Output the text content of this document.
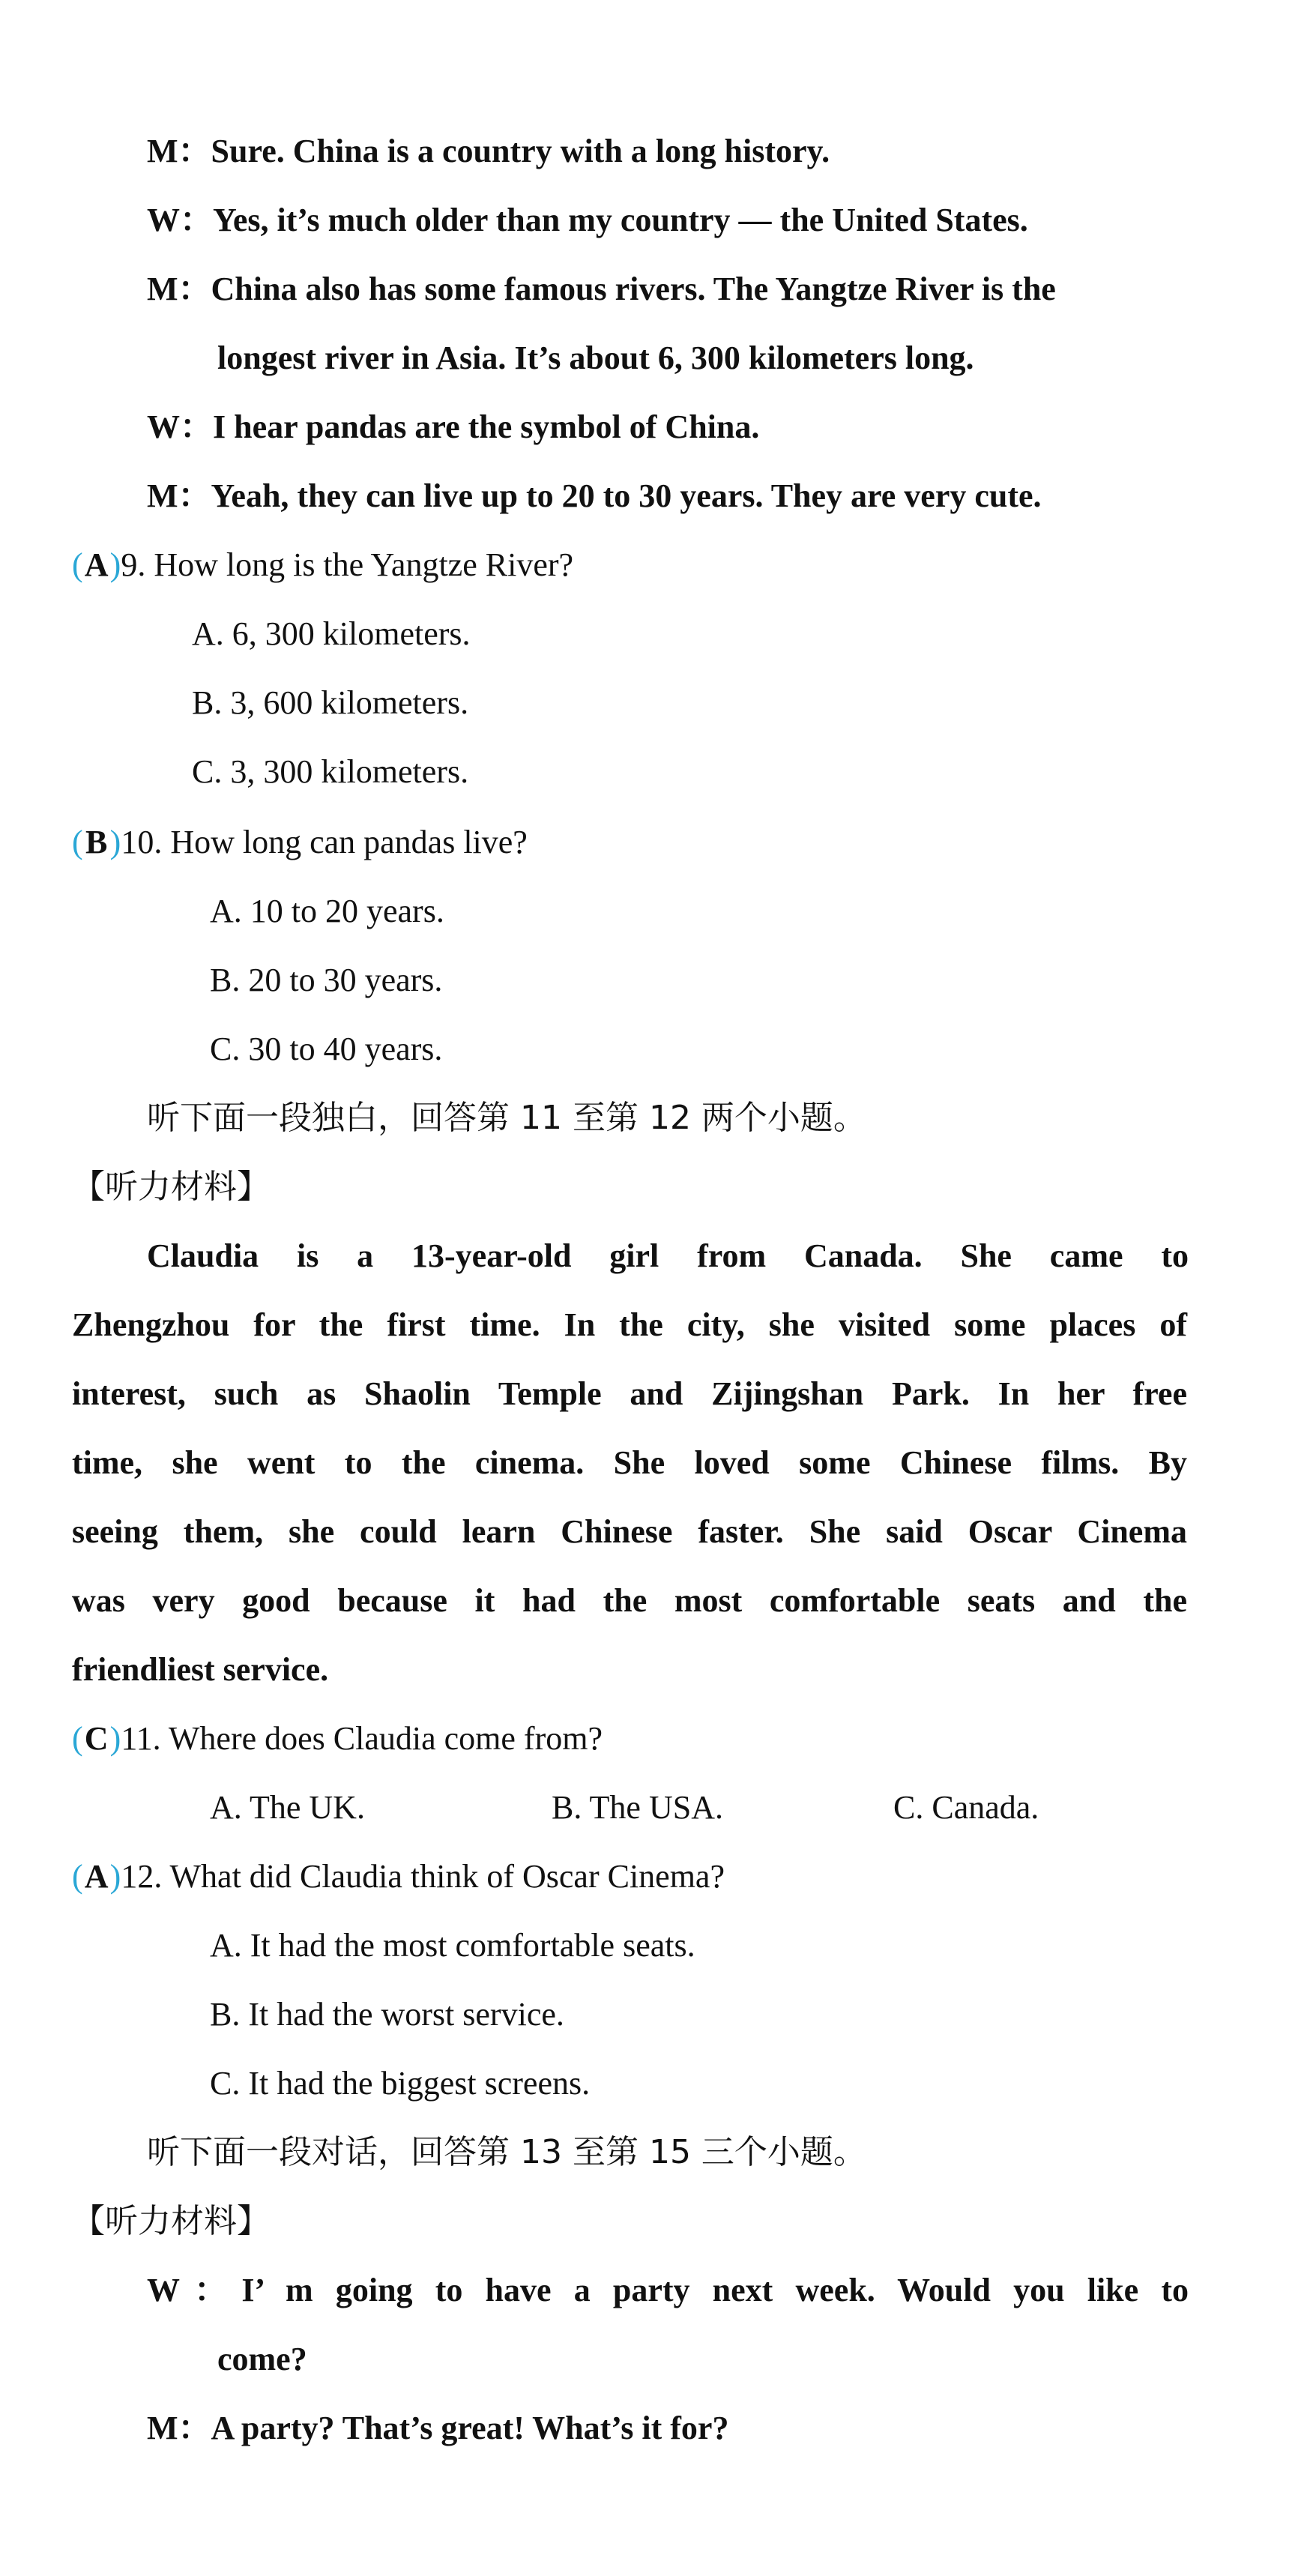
M：Sure. China is a country with a long history.
W：Yes, it’s much older than my country — the United States.
M：China also has some famous rivers. The Yangtze River is the
longest river in Asia. It’s about 6, 300 kilometers long.
W：I hear pandas are the symbol of China.
M：Yeah, they can live up to 20 to 30 years. They are very cute.
(A)9. How long is the Yangtze River?
A. 6, 300 kilometers.
B. 3, 600 kilometers.
C. 3, 300 kilometers.
(B)10. How long can pandas live?
A. 10 to 20 years.
B. 20 to 30 years.
C. 30 to 40 years.
听下面一段独白，回答第 11 至第 12 两个小题。
【听力材料】
Claudia is a 13-year-old girl from Canada. She came to
Zhengzhou for the first time. In the city, she visited some places of
interest, such as Shaolin Temple and Zijingshan Park. In her free
time, she went to the cinema. She loved some Chinese films. By
seeing them, she could learn Chinese faster. She said Oscar Cinema
was very good because it had the most comfortable seats and the
friendliest service.
(C)11. Where does Claudia come from?
A. The UK.	B. The USA.	C. Canada.
(A)12. What did Claudia think of Oscar Cinema?
A. It had the most comfortable seats.
B. It had the worst service.
C. It had the biggest screens.
听下面一段对话，回答第 13 至第 15 三个小题。
【听力材料】
W：I’ m going to have a party next week. Would you like to
come?
M：A party? That’s great! What’s it for?
